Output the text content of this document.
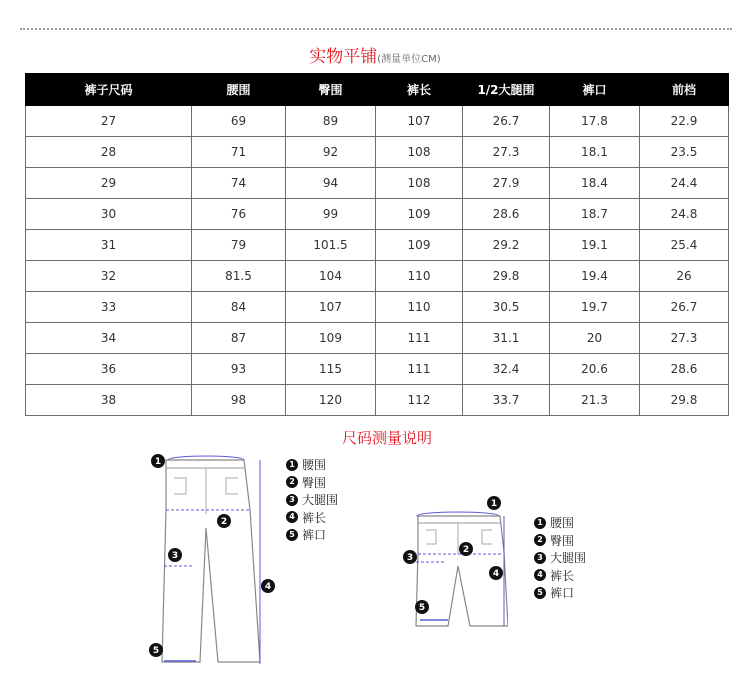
实物平铺(测量单位CM)
裤子尺码	腰围	臀围	裤长	1/2大腿围	裤口	前档
27	69	89	107	26.7	17.8	22.9
28	71	92	108	27.3	18.1	23.5
29	74	94	108	27.9	18.4	24.4
30	76	99	109	28.6	18.7	24.8
31	79	101.5	109	29.2	19.1	25.4
32	81.5	104	110	29.8	19.4	26
33	84	107	110	30.5	19.7	26.7
34	87	109	111	31.1	20	27.3
36	93	115	111	32.4	20.6	28.6
38	98	120	112	33.7	21.3	29.8
尺码测量说明
1
2
3
4
5
1 腰围
2 臀围
3 大腿围
4 裤长
5 裤口
1
2
3
4
5
1 腰围
2 臀围
3 大腿围
4 裤长
5 裤口
